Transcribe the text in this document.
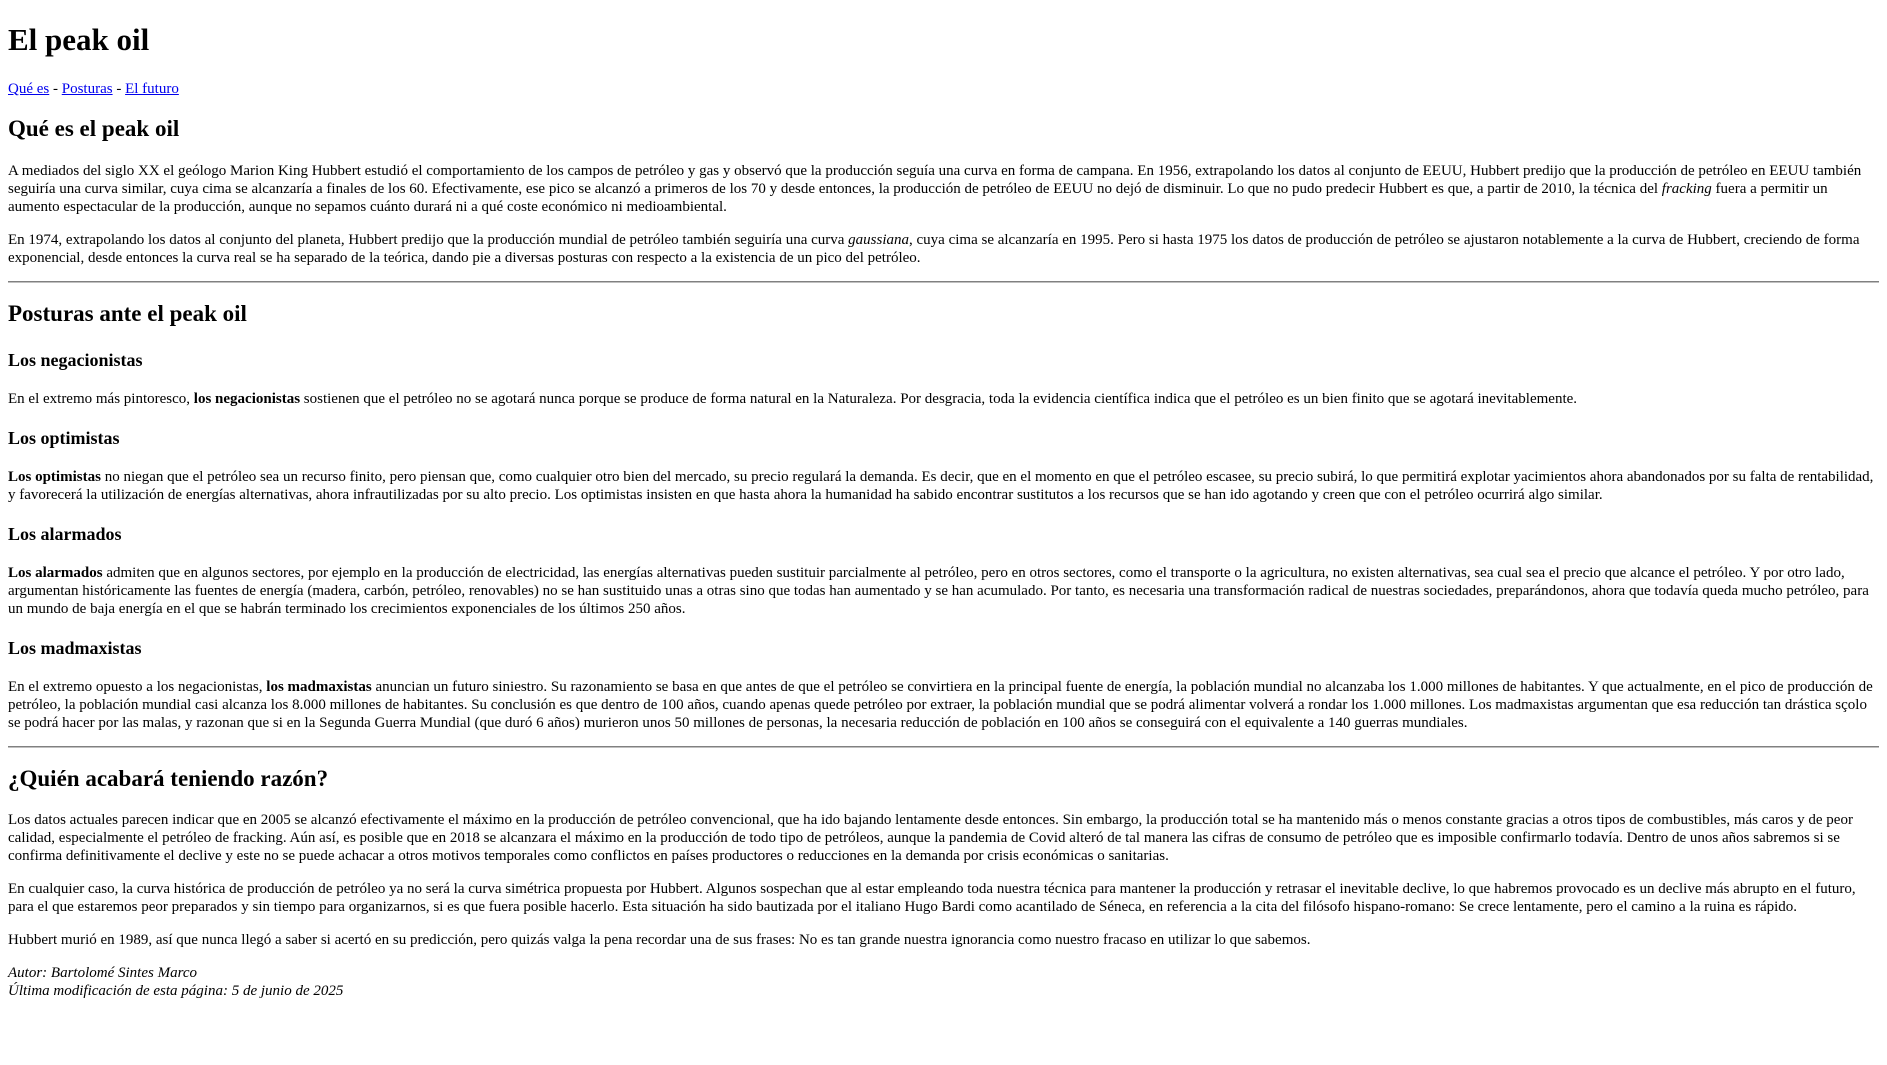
El peak oil

Qué es - Posturas - El futuro

Qué es el peak oil

A mediados del siglo XX el geólogo Marion King Hubbert estudió el comportamiento de los campos de petróleo y gas y observó que la producción seguía una curva en forma de campana. En 1956, extrapolando los datos al conjunto de EEUU, Hubbert predijo que la producción de petróleo en EEUU también seguiría una curva similar, cuya cima se alcanzaría a finales de los 60. Efectivamente, ese pico se alcanzó a primeros de los 70 y desde entonces, la producción de petróleo de EEUU no dejó de disminuir. Lo que no pudo predecir Hubbert es que, a partir de 2010, la técnica del fracking fuera a permitir un aumento espectacular de la producción, aunque no sepamos cuánto durará ni a qué coste económico ni medioambiental.

En 1974, extrapolando los datos al conjunto del planeta, Hubbert predijo que la producción mundial de petróleo también seguiría una curva gaussiana, cuya cima se alcanzaría en 1995. Pero si hasta 1975 los datos de producción de petróleo se ajustaron notablemente a la curva de Hubbert, creciendo de forma exponencial, desde entonces la curva real se ha separado de la teórica, dando pie a diversas posturas con respecto a la existencia de un pico del petróleo.

Posturas ante el peak oil
Los negacionistas

En el extremo más pintoresco, los negacionistas sostienen que el petróleo no se agotará nunca porque se produce de forma natural en la Naturaleza. Por desgracia, toda la evidencia científica indica que el petróleo es un bien finito que se agotará inevitablemente.

Los optimistas

Los optimistas no niegan que el petróleo sea un recurso finito, pero piensan que, como cualquier otro bien del mercado, su precio regulará la demanda. Es decir, que en el momento en que el petróleo escasee, su precio subirá, lo que permitirá explotar yacimientos ahora abandonados por su falta de rentabilidad, y favorecerá la utilización de energías alternativas, ahora infrautilizadas por su alto precio. Los optimistas insisten en que hasta ahora la humanidad ha sabido encontrar sustitutos a los recursos que se han ido agotando y creen que con el petróleo ocurrirá algo similar.

Los alarmados

Los alarmados admiten que en algunos sectores, por ejemplo en la producción de electricidad, las energías alternativas pueden sustituir parcialmente al petróleo, pero en otros sectores, como el transporte o la agricultura, no existen alternativas, sea cual sea el precio que alcance el petróleo. Y por otro lado, argumentan históricamente las fuentes de energía (madera, carbón, petróleo, renovables) no se han sustituido unas a otras sino que todas han aumentado y se han acumulado. Por tanto, es necesaria una transformación radical de nuestras sociedades, preparándonos, ahora que todavía queda mucho petróleo, para un mundo de baja energía en el que se habrán terminado los crecimientos exponenciales de los últimos 250 años.

Los madmaxistas

En el extremo opuesto a los negacionistas, los madmaxistas anuncian un futuro siniestro. Su razonamiento se basa en que antes de que el petróleo se convirtiera en la principal fuente de energía, la población mundial no alcanzaba los 1.000 millones de habitantes. Y que actualmente, en el pico de producción de petróleo, la población mundial casi alcanza los 8.000 millones de habitantes. Su conclusión es que dentro de 100 años, cuando apenas quede petróleo por extraer, la población mundial que se podrá alimentar volverá a rondar los 1.000 millones. Los madmaxistas argumentan que esa reducción tan drástica sçolo se podrá hacer por las malas, y razonan que si en la Segunda Guerra Mundial (que duró 6 años) murieron unos 50 millones de personas, la necesaria reducción de población en 100 años se conseguirá con el equivalente a 140 guerras mundiales.

¿Quién acabará teniendo razón?

Los datos actuales parecen indicar que en 2005 se alcanzó efectivamente el máximo en la producción de petróleo convencional, que ha ido bajando lentamente desde entonces. Sin embargo, la producción total se ha mantenido más o menos constante gracias a otros tipos de combustibles, más caros y de peor calidad, especialmente el petróleo de fracking. Aún así, es posible que en 2018 se alcanzara el máximo en la producción de todo tipo de petróleos, aunque la pandemia de Covid alteró de tal manera las cifras de consumo de petróleo que es imposible confirmarlo todavía. Dentro de unos años sabremos si se confirma definitivamente el declive y este no se puede achacar a otros motivos temporales como conflictos en países productores o reducciones en la demanda por crisis económicas o sanitarias.

En cualquier caso, la curva histórica de producción de petróleo ya no será la curva simétrica propuesta por Hubbert. Algunos sospechan que al estar empleando toda nuestra técnica para mantener la producción y retrasar el inevitable declive, lo que habremos provocado es un declive más abrupto en el futuro, para el que estaremos peor preparados y sin tiempo para organizarnos, si es que fuera posible hacerlo. Esta situación ha sido bautizada por el italiano Hugo Bardi como acantilado de Séneca, en referencia a la cita del filósofo hispano-romano: Se crece lentamente, pero el camino a la ruina es rápido.

Hubbert murió en 1989, así que nunca llegó a saber si acertó en su predicción, pero quizás valga la pena recordar una de sus frases: No es tan grande nuestra ignorancia como nuestro fracaso en utilizar lo que sabemos.

Autor: Bartolomé Sintes Marco
Última modificación de esta página: 5 de junio de 2025
